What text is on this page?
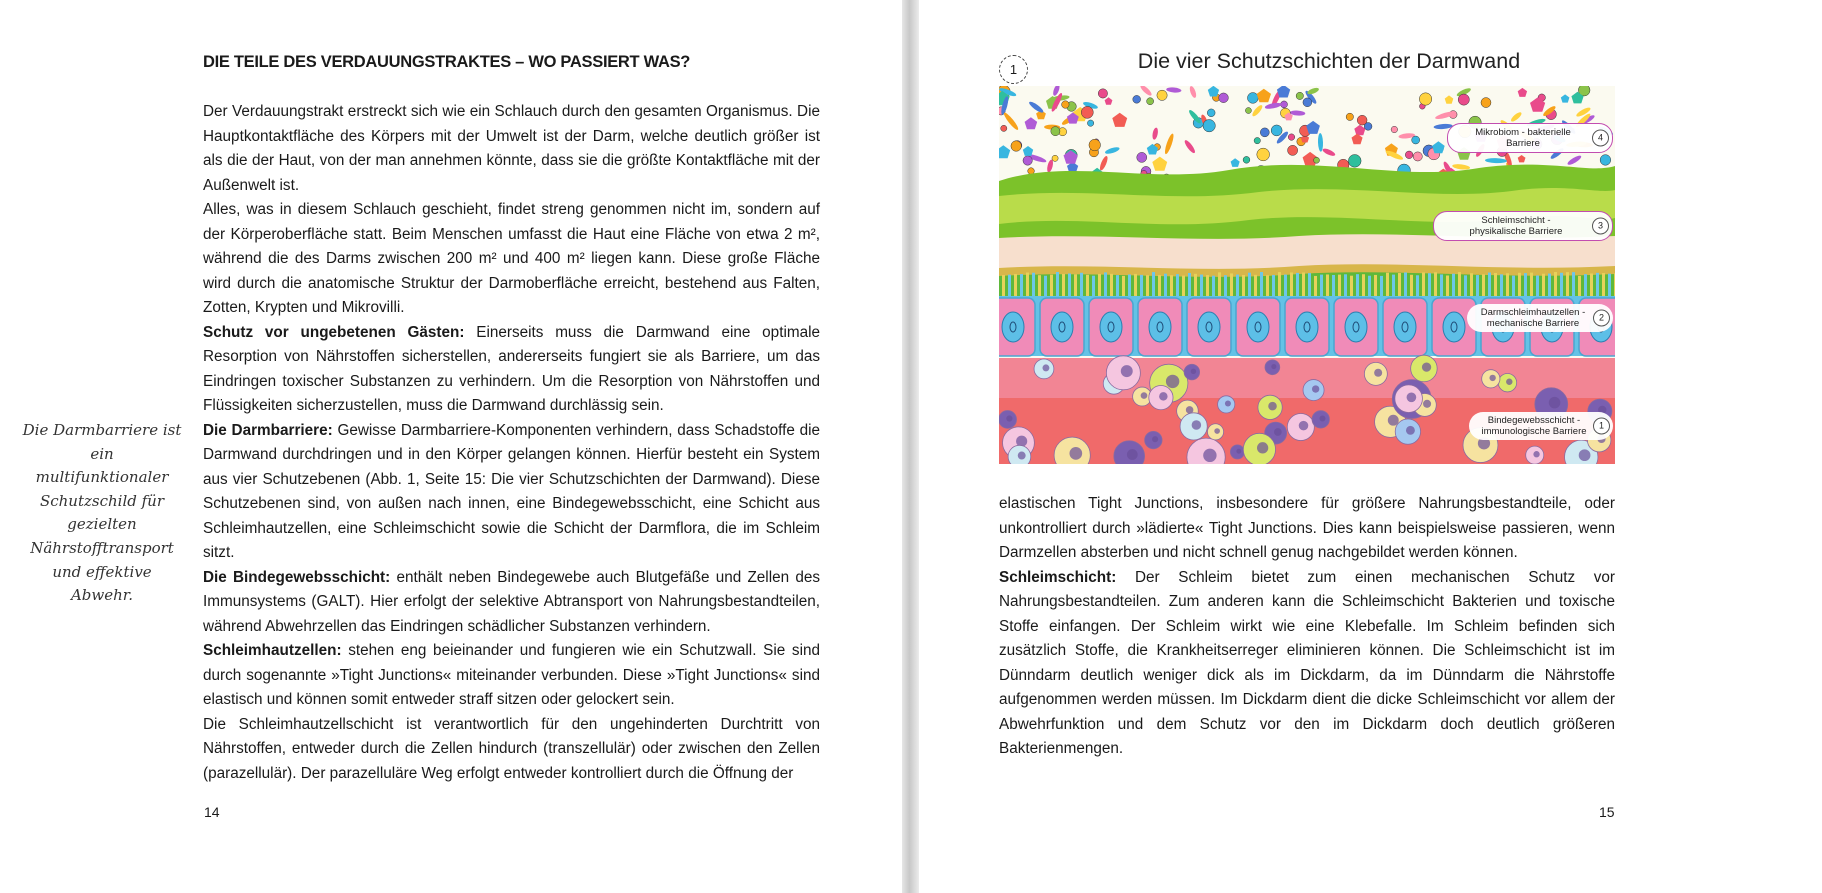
DIE TEILE DES VERDAUUNGSTRAKTES – WO PASSIERT WAS?

Der Verdauungstrakt erstreckt sich wie ein Schlauch durch den gesamten Organismus. Die Hauptkontaktfläche des Körpers mit der Umwelt ist der Darm, welche deutlich größer ist als die der Haut, von der man annehmen könnte, dass sie die größte Kontaktfläche mit der Außenwelt ist.

Alles, was in diesem Schlauch geschieht, findet streng genommen nicht im, sondern auf der Körperoberfläche statt. Beim Menschen umfasst die Haut eine Fläche von etwa 2 m², während die des Darms zwischen 200 m² und 400 m² liegen kann. Diese große Fläche wird durch die anatomische Struktur der Darmoberfläche erreicht, bestehend aus Falten, Zotten, Krypten und Mikrovilli.

Schutz vor ungebetenen Gästen: Einerseits muss die Darmwand eine optimale Resorption von Nährstoffen sicherstellen, andererseits fungiert sie als Barriere, um das Eindringen toxischer Substanzen zu verhindern. Um die Resorption von Nährstoffen und Flüssigkeiten sicherzustellen, muss die Darmwand durchlässig sein.

Die Darmbarriere: Gewisse Darmbarriere-Komponenten verhindern, dass Schadstoffe die Darmwand durchdringen und in den Körper gelangen können. Hierfür besteht ein System aus vier Schutzebenen (Abb. 1, Seite 15: Die vier Schutzschichten der Darmwand). Diese Schutzebenen sind, von außen nach innen, eine Bindegewebsschicht, eine Schicht aus Schleimhautzellen, eine Schleimschicht sowie die Schicht der Darmflora, die im Schleim sitzt.

Die Bindegewebsschicht: enthält neben Bindegewebe auch Blutgefäße und Zellen des Immunsystems (GALT). Hier erfolgt der selektive Abtransport von Nahrungsbestandteilen, während Abwehrzellen das Eindringen schädlicher Substanzen verhindern.

Schleimhautzellen: stehen eng beieinander und fungieren wie ein Schutzwall. Sie sind durch sogenannte »Tight Junctions« miteinander verbunden. Diese »Tight Junctions« sind elastisch und können somit entweder straff sitzen oder gelockert sein.

Die Schleimhautzellschicht ist verantwortlich für den ungehinderten Durchtritt von Nährstoffen, entweder durch die Zellen hindurch (transzellulär) oder zwischen den Zellen (parazellulär). Der parazelluläre Weg erfolgt entweder kontrolliert durch die Öffnung der

Die Darmbarriere ist ein multifunktionaler Schutzschild für gezielten Nährstofftransport und effektive Abwehr.
14
1	Die vier Schutzschichten der Darmwand
Mikrobiom - bakterielle Barriere
4
Schleimschicht -
physikalische Barriere
3
Darmschleimhautzellen -
mechanische Barriere
2
Bindegewebsschicht -
immunologische Barriere
1

elastischen Tight Junctions, insbesondere für größere Nahrungsbestandteile, oder unkontrolliert durch »lädierte« Tight Junctions. Dies kann beispielsweise passieren, wenn Darmzellen absterben und nicht schnell genug nachgebildet werden können.

Schleimschicht: Der Schleim bietet zum einen mechanischen Schutz vor Nahrungsbestandteilen. Zum anderen kann die Schleimschicht Bakterien und toxische Stoffe einfangen. Der Schleim wirkt wie eine Klebefalle. Im Schleim befinden sich zusätzlich Stoffe, die Krankheitserreger eliminieren können. Die Schleimschicht ist im Dünndarm deutlich weniger dick als im Dickdarm, da im Dünndarm die Nährstoffe aufgenommen werden müssen. Im Dickdarm dient die dicke Schleimschicht vor allem der Abwehrfunktion und dem Schutz vor den im Dickdarm doch deutlich größeren Bakterienmengen.

15
